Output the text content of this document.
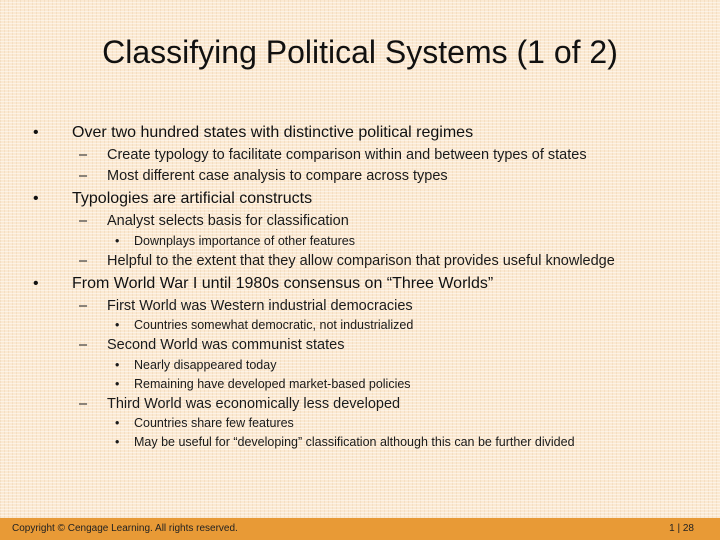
Classifying Political Systems (1 of 2)
• Over two hundred states with distinctive political regimes
– Create typology to facilitate comparison within and between types of states
– Most different case analysis to compare across types
• Typologies are artificial constructs
– Analyst selects basis for classification
• Downplays importance of other features
– Helpful to the extent that they allow comparison that provides useful knowledge
• From World War I until 1980s consensus on “Three Worlds”
– First World was Western industrial democracies
• Countries somewhat democratic, not industrialized
– Second World was communist states
• Nearly disappeared today
• Remaining have developed market-based policies
– Third World was economically less developed
• Countries share few features
• May be useful for “developing” classification although this can be further divided
Copyright © Cengage Learning. All rights reserved.	1 | 28
